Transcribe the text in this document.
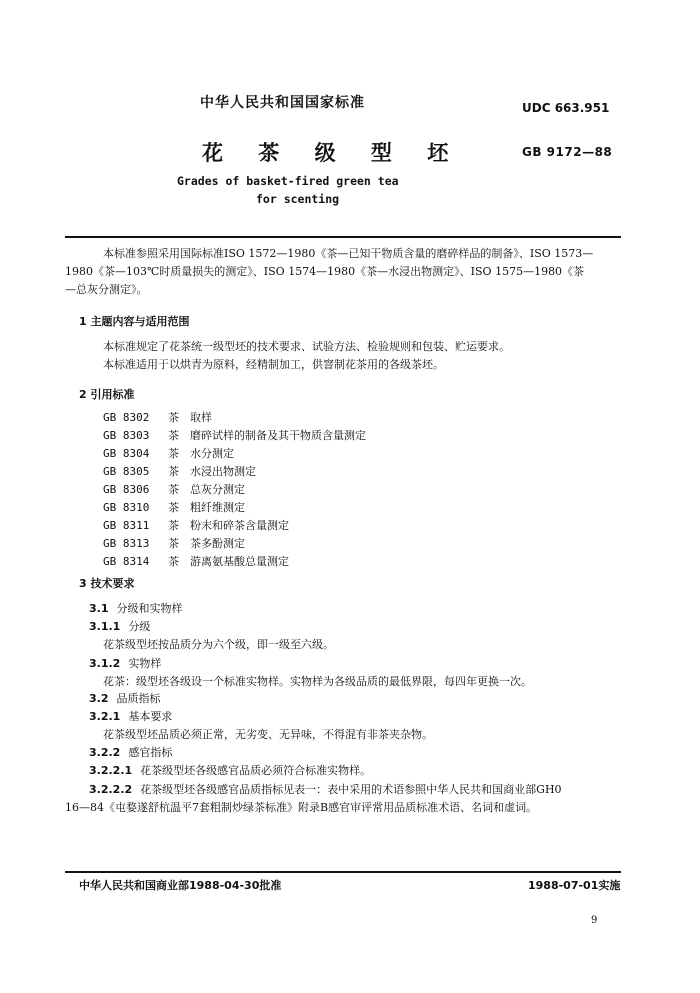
中华人民共和国国家标准	UDC 663.951
花 茶 级 型 坯	GB 9172—88
Grades of basket-fired green tea
for scenting
本标准参照采用国际标准ISO 1572—1980《茶—已知干物质含量的磨碎样品的制备》、ISO 1573—
1980《茶—103℃时质量损失的测定》、ISO 1574—1980《茶—水浸出物测定》、ISO 1575—1980《茶
—总灰分测定》。
1 主题内容与适用范围
本标准规定了花茶统一级型坯的技术要求、试验方法、检验规则和包装、贮运要求。
本标准适用于以烘青为原料，经精制加工，供窨制花茶用的各级茶坯。
2 引用标准
GB 8302 茶 取样
GB 8303 茶 磨碎试样的制备及其干物质含量测定
GB 8304 茶 水分测定
GB 8305 茶 水浸出物测定
GB 8306 茶 总灰分测定
GB 8310 茶 粗纤维测定
GB 8311 茶 粉末和碎茶含量测定
GB 8313 茶 茶多酚测定
GB 8314 茶 游离氨基酸总量测定
3 技术要求
3.1 分级和实物样
3.1.1 分级
花茶级型坯按品质分为六个级，即一级至六级。
3.1.2 实物样
花茶：级型坯各级设一个标准实物样。实物样为各级品质的最低界限，每四年更换一次。
3.2 品质指标
3.2.1 基本要求
花茶级型坯品质必须正常，无劣变、无异味，不得混有非茶夹杂物。
3.2.2 感官指标
3.2.2.1 花茶级型坯各级感官品质必须符合标准实物样。
3.2.2.2 花茶级型坯各级感官品质指标见表一：表中采用的术语参照中华人民共和国商业部GH0
16—84《屯婺遂舒杭温平7套粗制炒绿茶标准》附录B感官审评常用品质标准术语、名词和虚词。
中华人民共和国商业部1988-04-30批准	1988-07-01实施
9
